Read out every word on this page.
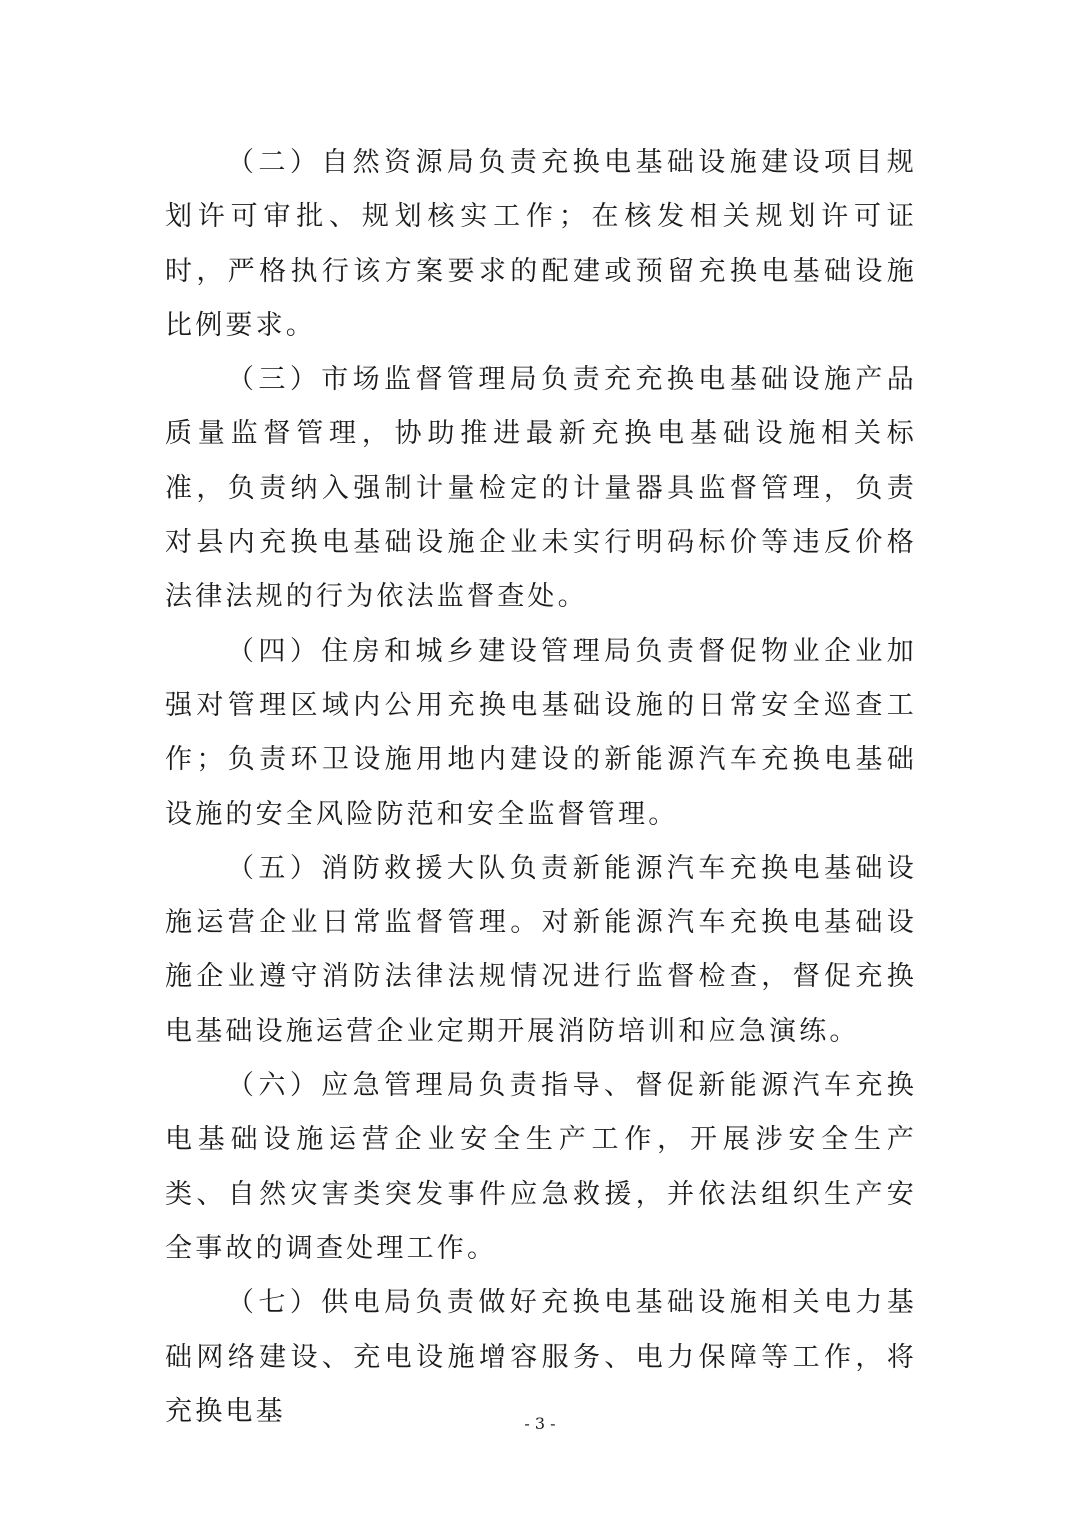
（二）自然资源局负责充换电基础设施建设项目规划许可审批、规划核实工作；在核发相关规划许可证时，严格执行该方案要求的配建或预留充换电基础设施比例要求。

（三）市场监督管理局负责充充换电基础设施产品质量监督管理，协助推进最新充换电基础设施相关标准，负责纳入强制计量检定的计量器具监督管理，负责对县内充换电基础设施企业未实行明码标价等违反价格法律法规的行为依法监督查处。

（四）住房和城乡建设管理局负责督促物业企业加强对管理区域内公用充换电基础设施的日常安全巡查工作；负责环卫设施用地内建设的新能源汽车充换电基础设施的安全风险防范和安全监督管理。

（五）消防救援大队负责新能源汽车充换电基础设施运营企业日常监督管理。对新能源汽车充换电基础设施企业遵守消防法律法规情况进行监督检查，督促充换电基础设施运营企业定期开展消防培训和应急演练。

（六）应急管理局负责指导、督促新能源汽车充换电基础设施运营企业安全生产工作，开展涉安全生产类、自然灾害类突发事件应急救援，并依法组织生产安全事故的调查处理工作。

（七）供电局负责做好充换电基础设施相关电力基础网络建设、充电设施增容服务、电力保障等工作，将充换电基	- 3 -
